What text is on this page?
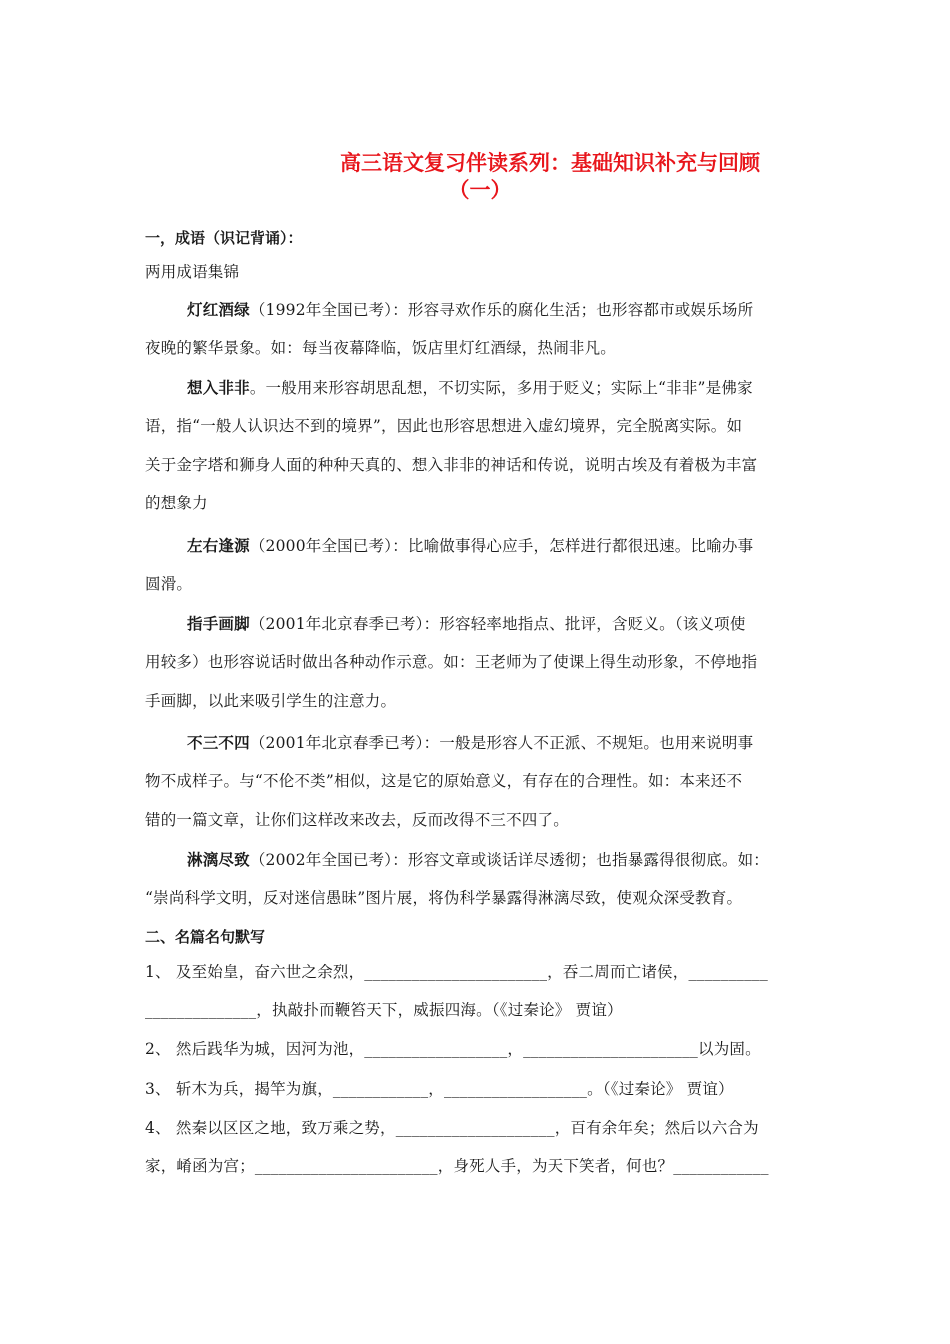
高三语文复习伴读系列：基础知识补充与回顾
（一）
一，成语（识记背诵）：
两用成语集锦
灯红酒绿（1992年全国已考）：形容寻欢作乐的腐化生活；也形容都市或娱乐场所
夜晚的繁华景象。如：每当夜幕降临，饭店里灯红酒绿，热闹非凡。
想入非非。一般用来形容胡思乱想，不切实际，多用于贬义；实际上“非非”是佛家
语，指“一般人认识达不到的境界”，因此也形容思想进入虚幻境界，完全脱离实际。如
关于金字塔和狮身人面的种种天真的、想入非非的神话和传说，说明古埃及有着极为丰富
的想象力
左右逢源（2000年全国已考）：比喻做事得心应手，怎样进行都很迅速。比喻办事
圆滑。
指手画脚（2001年北京春季已考）：形容轻率地指点、批评，含贬义。（该义项使
用较多）也形容说话时做出各种动作示意。如：王老师为了使课上得生动形象，不停地指
手画脚，以此来吸引学生的注意力。
不三不四（2001年北京春季已考）：一般是形容人不正派、不规矩。也用来说明事
物不成样子。与“不伦不类”相似，这是它的原始意义，有存在的合理性。如：本来还不
错的一篇文章，让你们这样改来改去，反而改得不三不四了。
淋漓尽致（2002年全国已考）：形容文章或谈话详尽透彻；也指暴露得很彻底。如：
“崇尚科学文明，反对迷信愚昧”图片展，将伪科学暴露得淋漓尽致，使观众深受教育。
二、名篇名句默写
1、 及至始皇，奋六世之余烈，_______________________，吞二周而亡诸侯，__________
______________，执敲扑而鞭笞天下，威振四海。（《过秦论》 贾谊）
2、 然后践华为城，因河为池，__________________，______________________以为固。
3、 斩木为兵，揭竿为旗，____________，__________________。（《过秦论》 贾谊）
4、 然秦以区区之地，致万乘之势，____________________，百有余年矣；然后以六合为
家，崤函为宫；_______________________，身死人手，为天下笑者，何也？____________
